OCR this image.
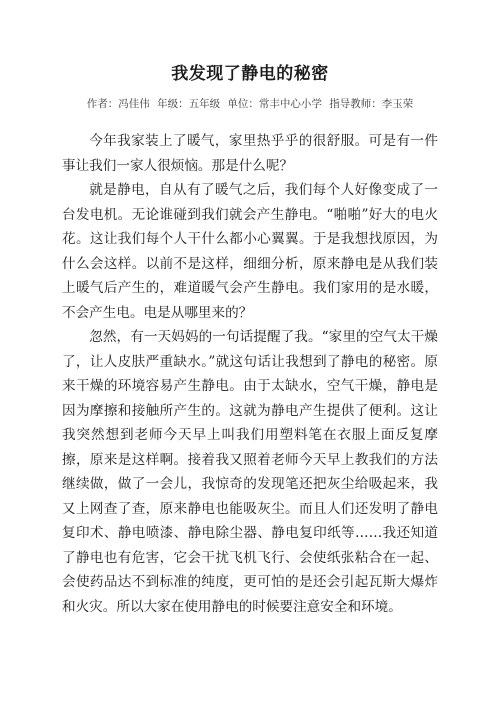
我发现了静电的秘密
作者：冯佳伟 年级：五年级 单位：常丰中心小学 指导教师：李玉荣

今年我家装上了暖气，家里热乎乎的很舒服。可是有一件事让我们一家人很烦恼。那是什么呢？

就是静电，自从有了暖气之后，我们每个人好像变成了一台发电机。无论谁碰到我们就会产生静电。“啪啪”好大的电火花。这让我们每个人干什么都小心翼翼。于是我想找原因，为什么会这样。以前不是这样，细细分析，原来静电是从我们装上暖气后产生的，难道暖气会产生静电。我们家用的是水暖，不会产生电。电是从哪里来的？

忽然，有一天妈妈的一句话提醒了我。“家里的空气太干燥了，让人皮肤严重缺水。”就这句话让我想到了静电的秘密。原来干燥的环境容易产生静电。由于太缺水，空气干燥，静电是因为摩擦和接触所产生的。这就为静电产生提供了便利。这让我突然想到老师今天早上叫我们用塑料笔在衣服上面反复摩擦，原来是这样啊。接着我又照着老师今天早上教我们的方法继续做，做了一会儿，我惊奇的发现笔还把灰尘给吸起来，我又上网查了查，原来静电也能吸灰尘。而且人们还发明了静电复印术、静电喷漆、静电除尘器、静电复印纸等……我还知道了静电也有危害，它会干扰飞机飞行、会使纸张粘合在一起、会使药品达不到标准的纯度，更可怕的是还会引起瓦斯大爆炸和火灾。所以大家在使用静电的时候要注意安全和环境。
